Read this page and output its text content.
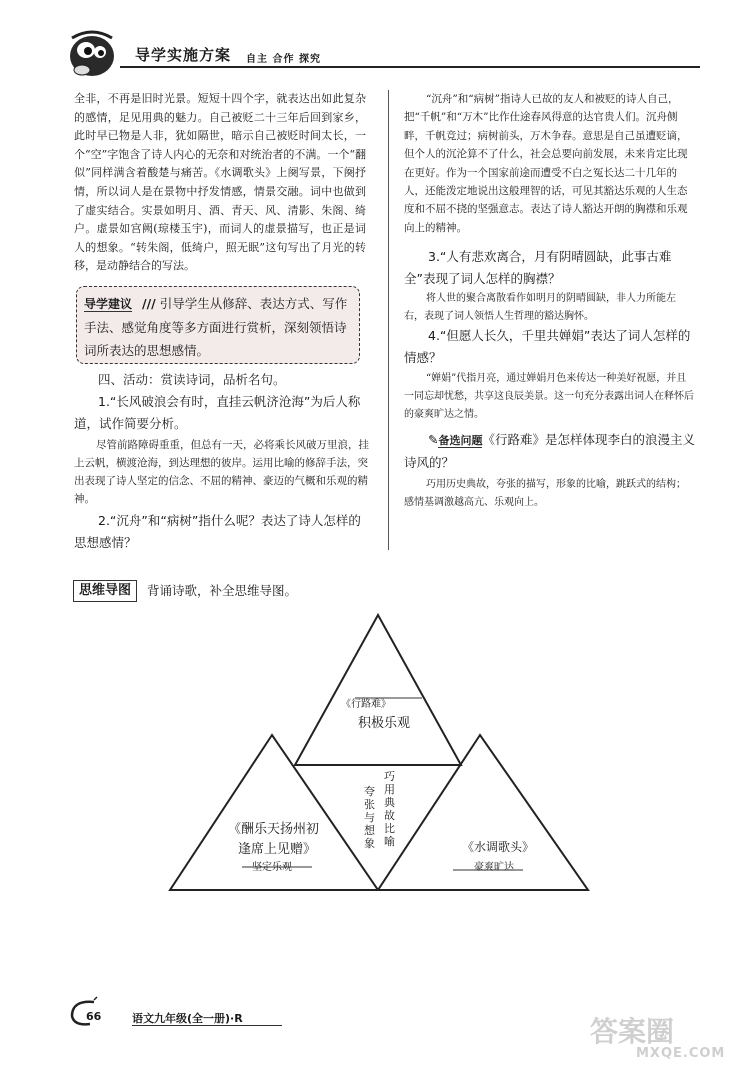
导学实施方案 自主 合作 探究
全非，不再是旧时光景。短短十四个字，就表达出如此复杂的感情，足见用典的魅力。自己被贬二十三年后回到家乡，此时早已物是人非，犹如隔世，暗示自己被贬时间太长，一个“空”字饱含了诗人内心的无奈和对统治者的不满。一个“翻似”同样满含着酸楚与痛苦。《水调歌头》上阕写景，下阕抒情，所以词人是在景物中抒发情感，情景交融。词中也做到了虚实结合。实景如明月、酒、青天、风、清影、朱阁、绮户。虚景如宫阙(琼楼玉宇)，而词人的虚景描写，也正是词人的想象。“转朱阁，低绮户，照无眠”这句写出了月光的转移，是动静结合的写法。
导学建议 /// 引导学生从修辞、表达方式、写作手法、感觉角度等多方面进行赏析，深刻领悟诗词所表达的思想感情。
四、活动：赏读诗词，品析名句。
1.“长风破浪会有时，直挂云帆济沧海”为后人称道，试作简要分析。
尽管前路障碍重重，但总有一天，必将乘长风破万里浪，挂上云帆，横渡沧海，到达理想的彼岸。运用比喻的修辞手法，突出表现了诗人坚定的信念、不屈的精神、豪迈的气概和乐观的精神。
2.“沉舟”和“病树”指什么呢？表达了诗人怎样的思想感情？
“沉舟”和“病树”指诗人已故的友人和被贬的诗人自己，把“千帆”和“万木”比作仕途春风得意的达官贵人们。沉舟侧畔，千帆竞过；病树前头，万木争春。意思是自己虽遭贬谪，但个人的沉沦算不了什么，社会总要向前发展，未来肯定比现在更好。作为一个国家前途而遭受不白之冤长达二十几年的人，还能泼定地说出这般理智的话，可见其豁达乐观的人生态度和不屈不挠的坚强意志。表达了诗人豁达开朗的胸襟和乐观向上的精神。
3.“人有悲欢离合，月有阴晴圆缺，此事古难全”表现了词人怎样的胸襟？
将人世的聚合离散看作如明月的阴晴圆缺，非人力所能左右，表现了词人领悟人生哲理的豁达胸怀。
4.“但愿人长久，千里共婵娟”表达了词人怎样的情感？
“婵娟”代指月亮，通过婵娟月色来传达一种美好祝愿，并且一同忘却忧愁，共享这良辰美景。这一句充分表露出词人在释怀后的豪爽旷达之情。
✎备选问题《行路难》是怎样体现李白的浪漫主义诗风的？
巧用历史典故，夸张的描写，形象的比喻，跳跃式的结构；感情基调激越高亢、乐观向上。
思维导图	背诵诗歌，补全思维导图。
《行路难》
积极乐观
《酬乐天扬州初
逢席上见赠》
坚定乐观
《水调歌头》
豪爽旷达
夸张与想象
巧用典故比喻
66	语文九年级(全一册)·R	答案圈
MXQE.COM
